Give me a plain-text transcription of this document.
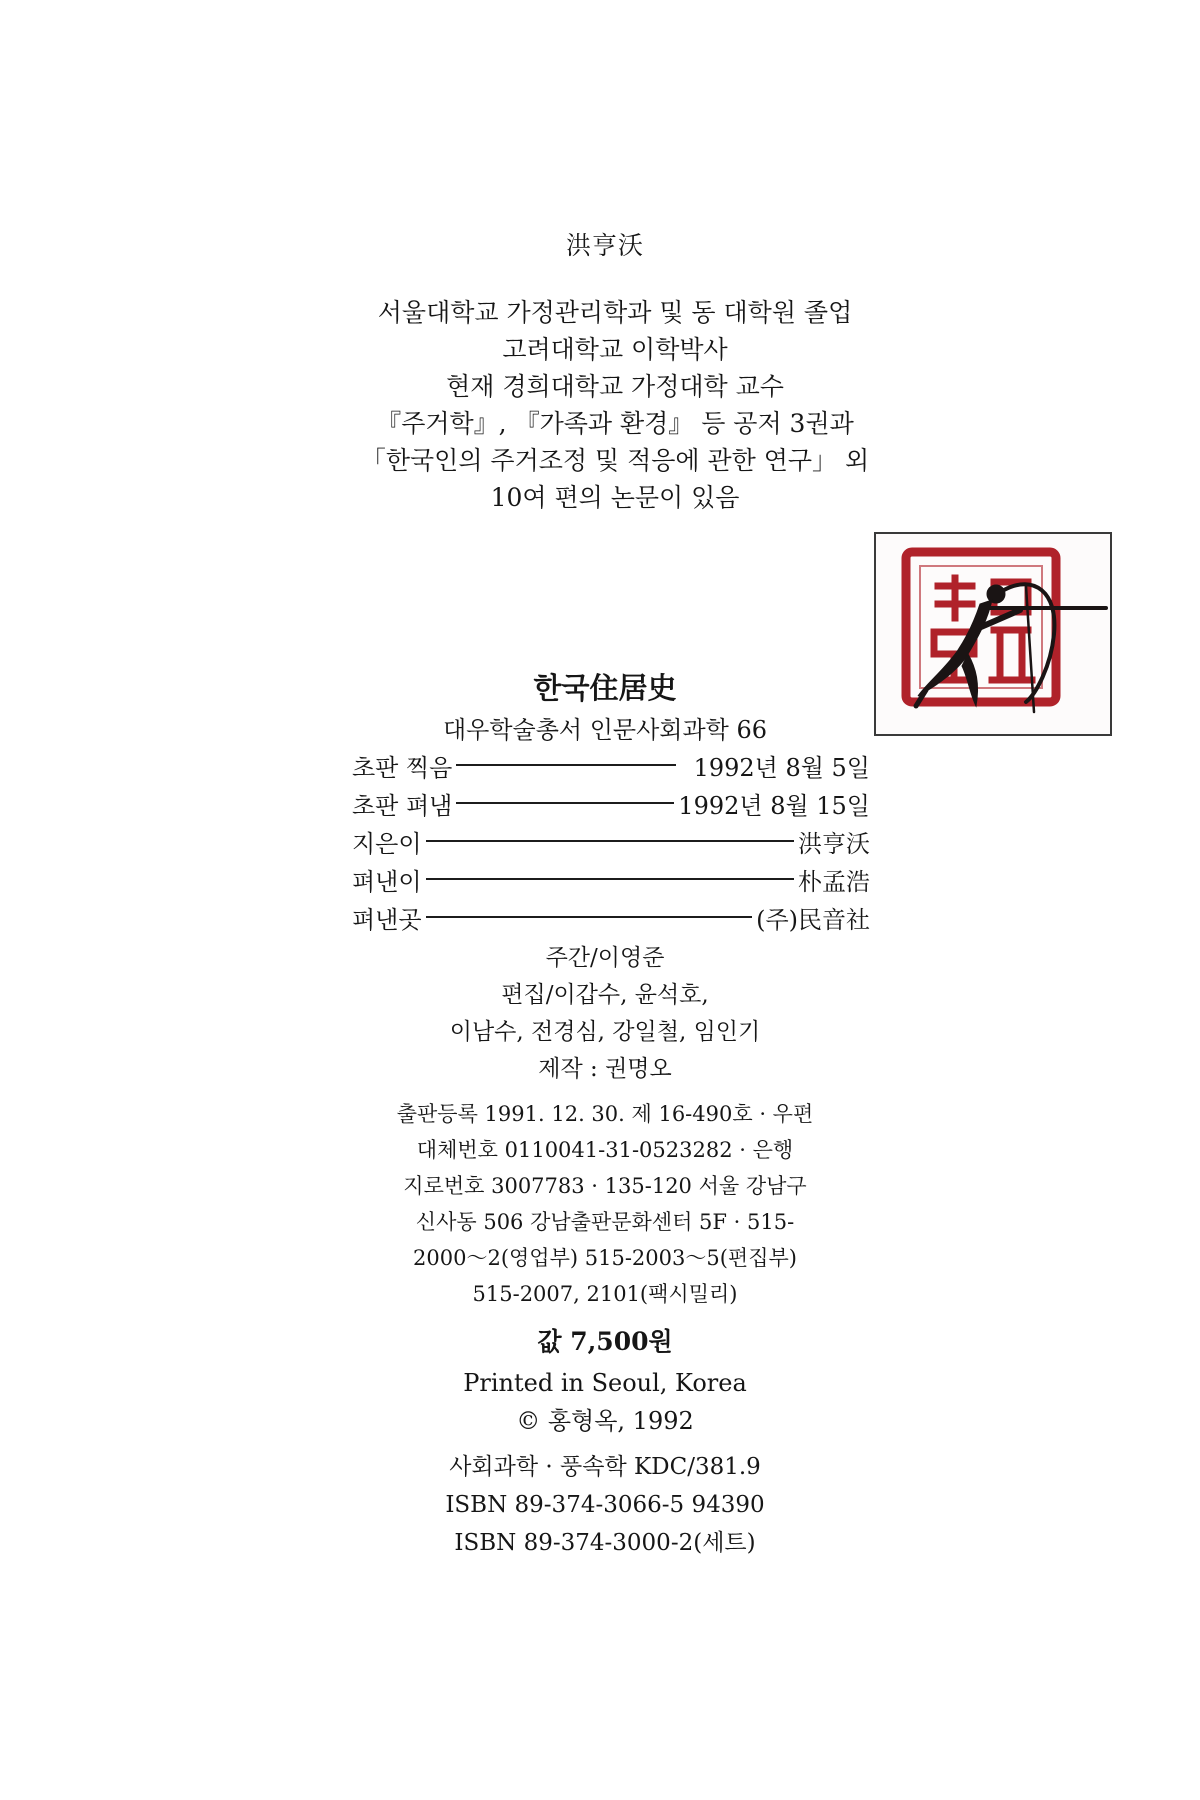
洪亨沃
서울대학교 가정관리학과 및 동 대학원 졸업
고려대학교 이학박사
현재 경희대학교 가정대학 교수
『주거학』, 『가족과 환경』 등 공저 3권과
「한국인의 주거조정 및 적응에 관한 연구」 외
10여 편의 논문이 있음
한국住居史
대우학술총서 인문사회과학 66
초판 찍음	1992년 8월 5일
초판 펴냄	1992년 8월 15일
지은이	洪亨沃
펴낸이	朴孟浩
펴낸곳	(주)民音社
주간/이영준
편집/이갑수, 윤석호,
이남수, 전경심, 강일철, 임인기
제작 : 권명오
출판등록 1991. 12. 30. 제 16-490호 · 우편
대체번호 0110041-31-0523282 · 은행
지로번호 3007783 · 135-120 서울 강남구
신사동 506 강남출판문화센터 5F · 515-
2000～2(영업부) 515-2003～5(편집부)
515-2007, 2101(팩시밀리)
값 7,500원
Printed in Seoul, Korea
© 홍형옥, 1992
사회과학 · 풍속학 KDC/381.9
ISBN 89-374-3066-5 94390
ISBN 89-374-3000-2(세트)
